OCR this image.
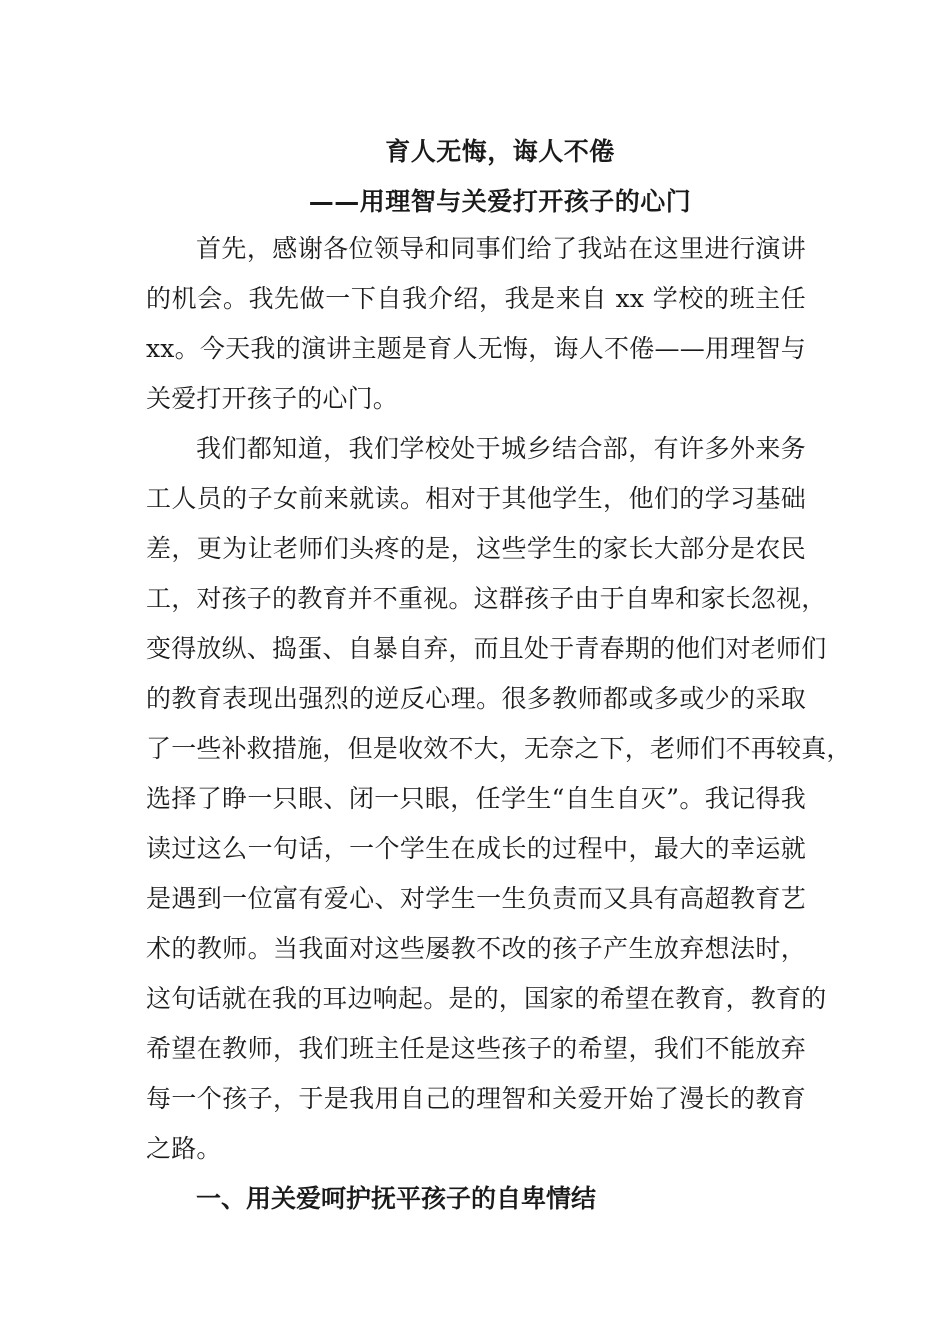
育人无悔，诲人不倦
——用理智与关爱打开孩子的心门
首先，感谢各位领导和同事们给了我站在这里进行演讲
的机会。我先做一下自我介绍，我是来自 xx 学校的班主任
xx。今天我的演讲主题是育人无悔，诲人不倦——用理智与
关爱打开孩子的心门。
我们都知道，我们学校处于城乡结合部，有许多外来务
工人员的子女前来就读。相对于其他学生，他们的学习基础
差，更为让老师们头疼的是，这些学生的家长大部分是农民
工，对孩子的教育并不重视。这群孩子由于自卑和家长忽视，
变得放纵、捣蛋、自暴自弃，而且处于青春期的他们对老师们
的教育表现出强烈的逆反心理。很多教师都或多或少的采取
了一些补救措施，但是收效不大，无奈之下，老师们不再较真，
选择了睁一只眼、闭一只眼，任学生“自生自灭”。我记得我
读过这么一句话，一个学生在成长的过程中，最大的幸运就
是遇到一位富有爱心、对学生一生负责而又具有高超教育艺
术的教师。当我面对这些屡教不改的孩子产生放弃想法时，
这句话就在我的耳边响起。是的，国家的希望在教育，教育的
希望在教师，我们班主任是这些孩子的希望，我们不能放弃
每一个孩子，于是我用自己的理智和关爱开始了漫长的教育
之路。
一、用关爱呵护抚平孩子的自卑情结
